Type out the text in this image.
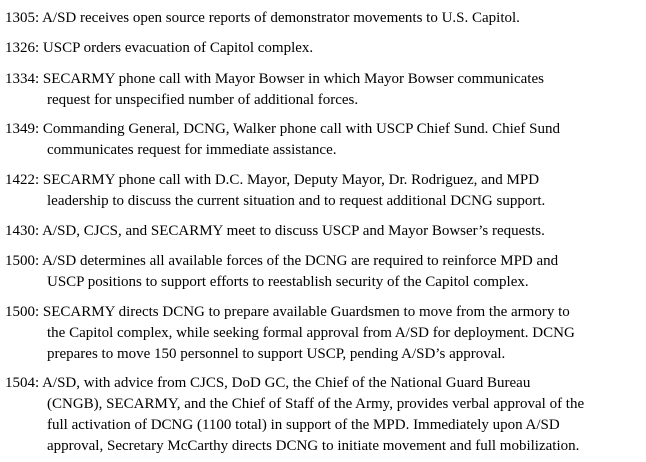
1305: A/SD receives open source reports of demonstrator movements to U.S. Capitol.
1326: USCP orders evacuation of Capitol complex.
1334: SECARMY phone call with Mayor Bowser in which Mayor Bowser communicates
request for unspecified number of additional forces.
1349: Commanding General, DCNG, Walker phone call with USCP Chief Sund. Chief Sund
communicates request for immediate assistance.
1422: SECARMY phone call with D.C. Mayor, Deputy Mayor, Dr. Rodriguez, and MPD
leadership to discuss the current situation and to request additional DCNG support.
1430: A/SD, CJCS, and SECARMY meet to discuss USCP and Mayor Bowser’s requests.
1500: A/SD determines all available forces of the DCNG are required to reinforce MPD and
USCP positions to support efforts to reestablish security of the Capitol complex.
1500: SECARMY directs DCNG to prepare available Guardsmen to move from the armory to
the Capitol complex, while seeking formal approval from A/SD for deployment. DCNG
prepares to move 150 personnel to support USCP, pending A/SD’s approval.
1504: A/SD, with advice from CJCS, DoD GC, the Chief of the National Guard Bureau
(CNGB), SECARMY, and the Chief of Staff of the Army, provides verbal approval of the
full activation of DCNG (1100 total) in support of the MPD. Immediately upon A/SD
approval, Secretary McCarthy directs DCNG to initiate movement and full mobilization.
